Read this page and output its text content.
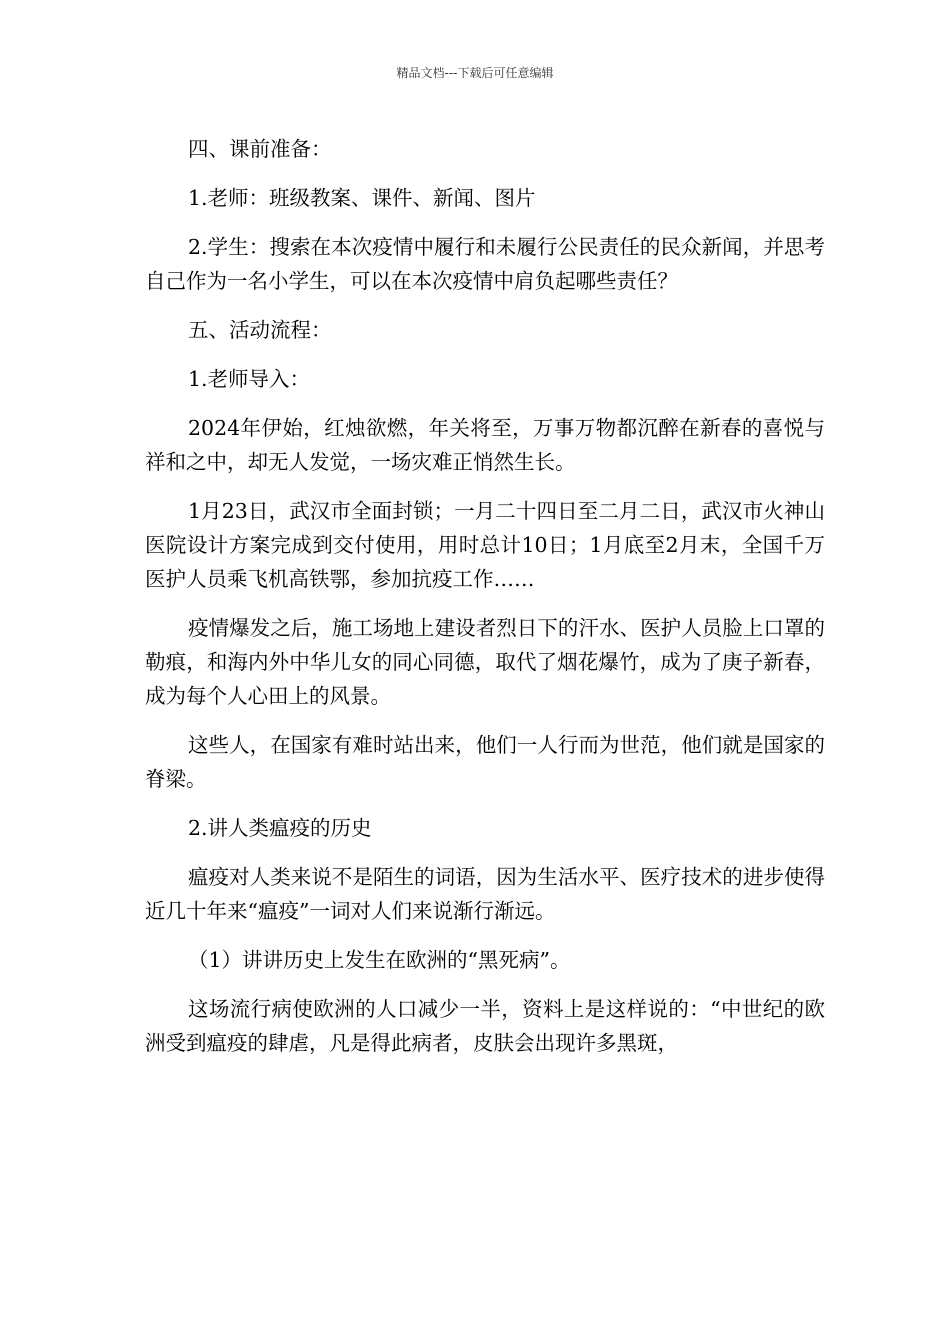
精品文档---下载后可任意编辑

四、课前准备：

1.老师：班级教案、课件、新闻、图片

2.学生：搜索在本次疫情中履行和未履行公民责任的民众新闻，并思考自己作为一名小学生，可以在本次疫情中肩负起哪些责任？

五、活动流程：

1.老师导入：

2024年伊始，红烛欲燃，年关将至，万事万物都沉醉在新春的喜悦与祥和之中，却无人发觉，一场灾难正悄然生长。

1月23日，武汉市全面封锁；一月二十四日至二月二日，武汉市火神山医院设计方案完成到交付使用，用时总计10日；1月底至2月末，全国千万医护人员乘飞机高铁鄂，参加抗疫工作……

疫情爆发之后，施工场地上建设者烈日下的汗水、医护人员脸上口罩的勒痕，和海内外中华儿女的同心同德，取代了烟花爆竹，成为了庚子新春，成为每个人心田上的风景。

这些人，在国家有难时站出来，他们一人行而为世范，他们就是国家的脊梁。

2.讲人类瘟疫的历史

瘟疫对人类来说不是陌生的词语，因为生活水平、医疗技术的进步使得近几十年来“瘟疫”一词对人们来说渐行渐远。

（1）讲讲历史上发生在欧洲的“黑死病”。

这场流行病使欧洲的人口减少一半，资料上是这样说的：“中世纪的欧洲受到瘟疫的肆虐，凡是得此病者，皮肤会出现许多黑斑，
